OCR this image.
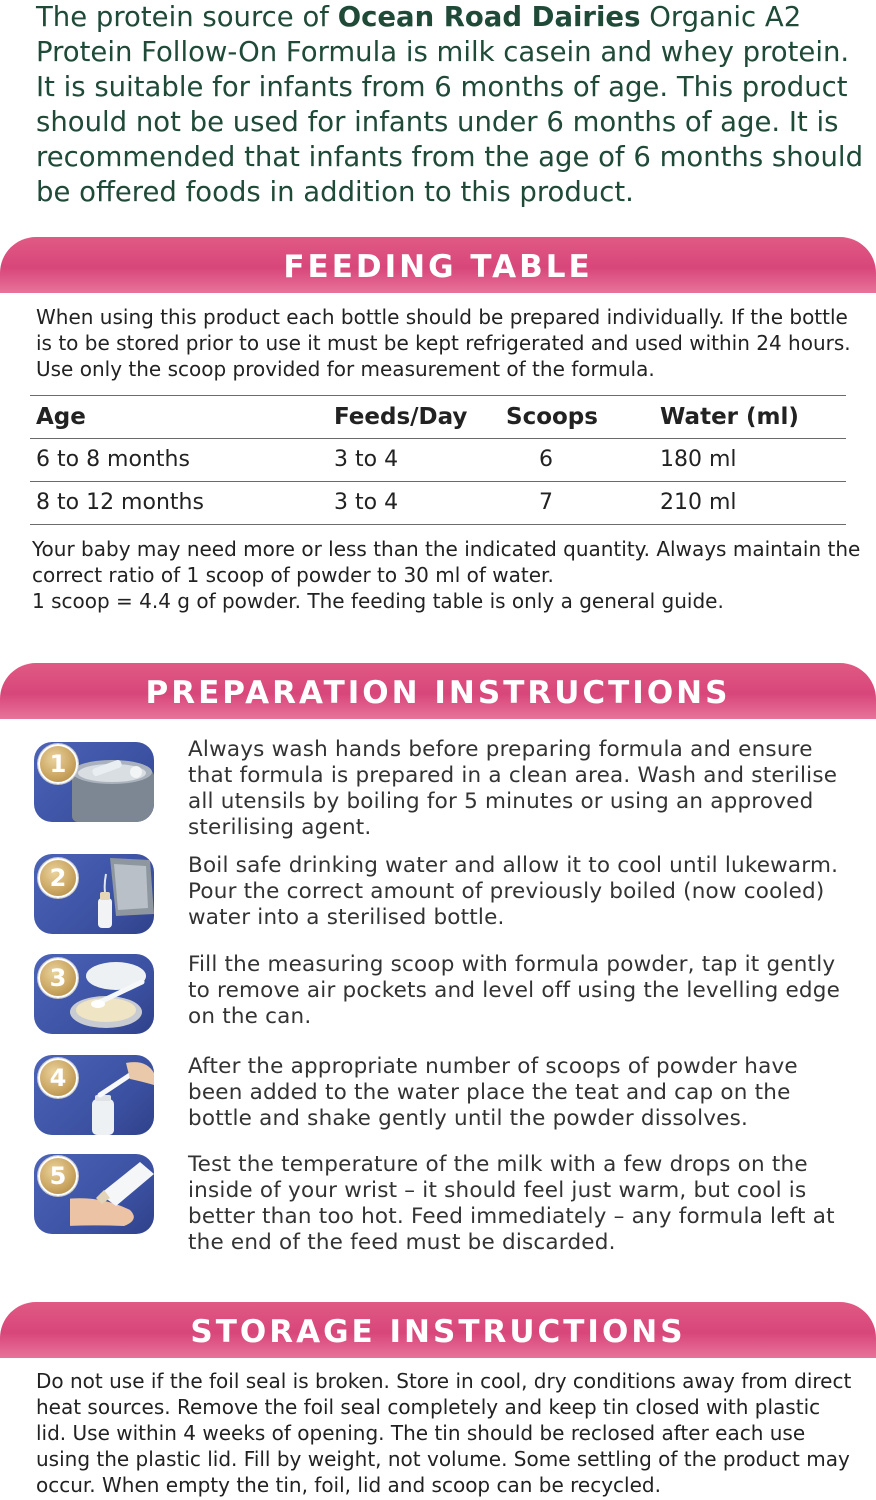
The protein source of Ocean Road Dairies Organic A2 Protein Follow-On Formula is milk casein and whey protein. It is suitable for infants from 6 months of age. This product should not be used for infants under 6 months of age. It is recommended that infants from the age of 6 months should be offered foods in addition to this product.

FEEDING TABLE

When using this product each bottle should be prepared individually. If the bottle is to be stored prior to use it must be kept refrigerated and used within 24 hours. Use only the scoop provided for measurement of the formula.

Age	Feeds/Day Scoops	Water (ml)
6 to 8 months	3 to 4	6	180 ml
8 to 12 months	3 to 4	7	210 ml
Your baby may need more or less than the indicated quantity. Always maintain the correct ratio of 1 scoop of powder to 30 ml of water.
1 scoop = 4.4 g of powder. The feeding table is only a general guide.
PREPARATION INSTRUCTIONS
1

Always wash hands before preparing formula and ensure that formula is prepared in a clean area. Wash and sterilise all utensils by boiling for 5 minutes or using an approved sterilising agent.

2	Boil safe drinking water and allow it to cool until lukewarm. Pour the correct amount of previously boiled (now cooled) water into a sterilised bottle.

3	Fill the measuring scoop with formula powder, tap it gently to remove air pockets and level off using the levelling edge on the can.

4	After the appropriate number of scoops of powder have been added to the water place the teat and cap on the bottle and shake gently until the powder dissolves.

5	Test the temperature of the milk with a few drops on the inside of your wrist – it should feel just warm, but cool is better than too hot. Feed immediately – any formula left at the end of the feed must be discarded.

STORAGE INSTRUCTIONS

Do not use if the foil seal is broken. Store in cool, dry conditions away from direct heat sources. Remove the foil seal completely and keep tin closed with plastic lid. Use within 4 weeks of opening. The tin should be reclosed after each use using the plastic lid. Fill by weight, not volume. Some settling of the product may occur. When empty the tin, foil, lid and scoop can be recycled.
